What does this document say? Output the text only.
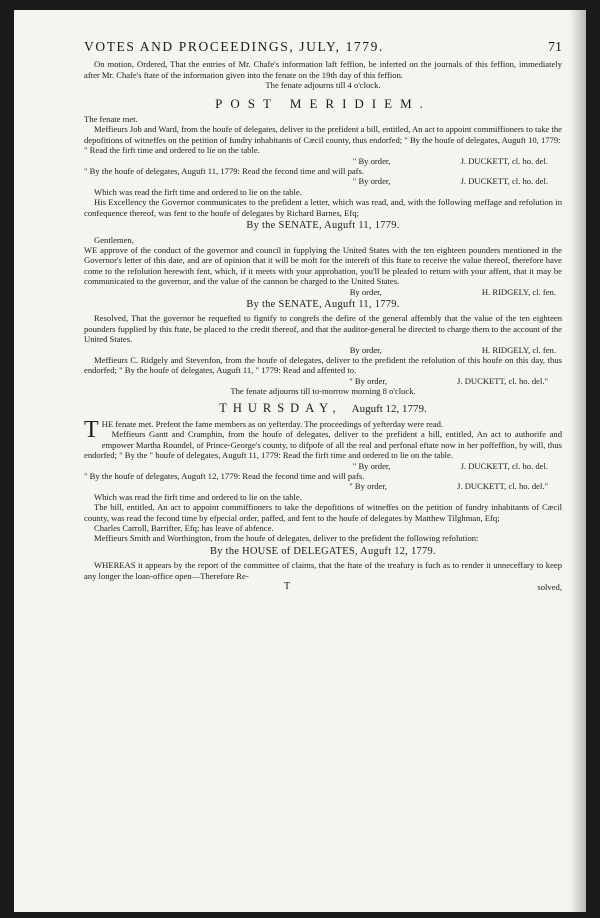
VOTES AND PROCEEDINGS, JULY, 1779.	71

On motion, Ordered, That the entries of Mr. Chafe's information laft feffion, be inferted on the journals of this feffion, immediately after Mr. Chafe's ftate of the information given into the fenate on the 19th day of this feffion.

The fenate adjourns till 4 o'clock.

POST MERIDIEM.

The fenate met.

Meffieurs Job and Ward, from the houfe of delegates, deliver to the prefident a bill, entitled, An act to appoint commiffioners to take the depofitions of witneffes on the petition of fundry inhabitants of Cæcil county, thus endorfed; " By the houfe of delegates, Auguft 10, 1779:

" Read the firft time and ordered to lie on the table.

" By order,	J. DUCKETT, cl. ho. del.

" By the houfe of delegates, Auguft 11, 1779: Read the fecond time and will pafs.

" By order,	J. DUCKETT, cl. ho. del.

Which was read the firft time and ordered to lie on the table.

His Excellency the Governor communicates to the prefident a letter, which was read, and, with the following meffage and refolution in confequence thereof, was fent to the houfe of delegates by Richard Barnes, Efq;

By the SENATE, Auguft 11, 1779.

Gentlemen,

WE approve of the conduct of the governor and council in fupplying the United States with the ten eighteen pounders mentioned in the Governor's letter of this date, and are of opinion that it will be moft for the intereft of this ftate to receive the value thereof, therefore have come to the refolution herewith fent, which, if it meets with your approbation, you'll be pleafed to return with your affent, that it may be communicated to the governor, and the value of the cannon be charged to the United States.

By order,	H. RIDGELY, cl. fen.
By the SENATE, Auguft 11, 1779.

Resolved, That the governor be requefted to fignify to congrefs the defire of the general affembly that the value of the ten eighteen pounders fupplied by this ftate, be placed to the credit thereof, and that the auditor-general be directed to charge them to the account of the United States.

By order,	H. RIDGELY, cl. fen.

Meffieurs C. Ridgely and Stevenfon, from the houfe of delegates, deliver to the prefident the refolution of this houfe on this day, thus endorfed; " By the houfe of delegates, Auguft 11, " 1779: Read and affented to.

" By order,	J. DUCKETT, cl. ho. del."

The fenate adjourns till to-morrow morning 8 o'clock.

THURSDAY, Auguft 12, 1779.

THE fenate met. Prefent the fame members as on yefterday. The proceedings of yefterday were read.

Meffieurs Gantt and Cramphin, from the houfe of delegates, deliver to the prefident a bill, entitled, An act to authorife and empower Martha Roundel, of Prince-George's county, to difpofe of all the real and perfonal eftate now in her poffeffion, by will, thus endorfed; " By the " houfe of delegates, Auguft 11, 1779: Read the firft time and ordered to lie on the table.

" By order,	J. DUCKETT, cl. ho. del.

" By the houfe of delegates, Auguft 12, 1779: Read the fecond time and will pafs.

" By order,	J. DUCKETT, cl. ho. del."

Which was read the firft time and ordered to lie on the table.

The bill, entitled, An act to appoint commiffioners to take the depofitions of witneffes on the petition of fundry inhabitants of Cæcil county, was read the fecond time by efpecial order, paffed, and fent to the houfe of delegates by Matthew Tilghman, Efq;

Charles Carroll, Barrifter, Efq; has leave of abfence.

Meffieurs Smith and Worthington, from the houfe of delegates, deliver to the prefident the following refolution:

By the HOUSE of DELEGATES, Auguft 12, 1779.

WHEREAS it appears by the report of the committee of claims, that the ftate of the treafury is fuch as to render it unneceffary to keep any longer the loan-office open—Therefore Re-

T	solved,
